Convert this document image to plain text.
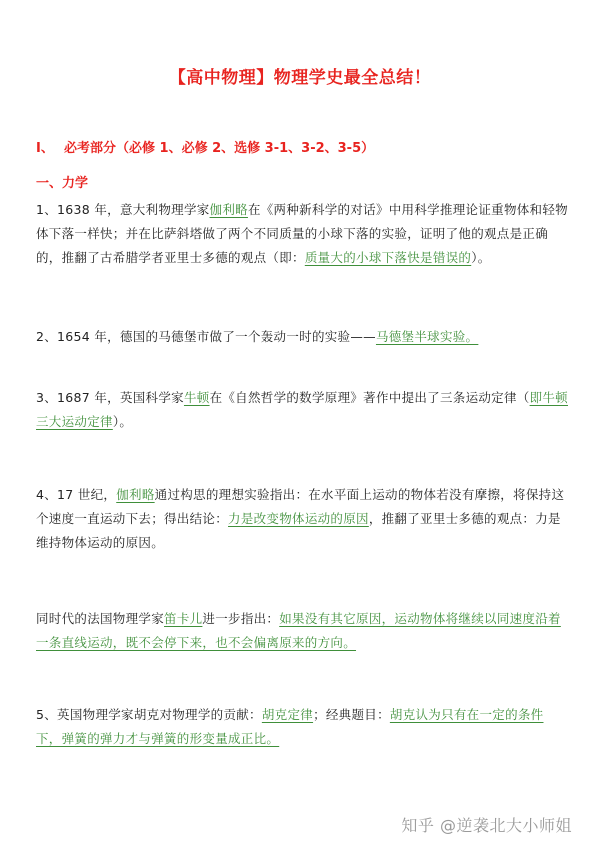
【高中物理】物理学史最全总结！
I、 必考部分（必修 1、必修 2、选修 3-1、3-2、3-5）
一、力学
1、1638 年，意大利物理学家伽利略在《两种新科学的对话》中用科学推理论证重物体和轻物体下落一样快；并在比萨斜塔做了两个不同质量的小球下落的实验，证明了他的观点是正确的，推翻了古希腊学者亚里士多德的观点（即：质量大的小球下落快是错误的）。
2、1654 年，德国的马德堡市做了一个轰动一时的实验——马德堡半球实验。
3、1687 年，英国科学家牛顿在《自然哲学的数学原理》著作中提出了三条运动定律（即牛顿三大运动定律）。
4、17 世纪，伽利略通过构思的理想实验指出：在水平面上运动的物体若没有摩擦，将保持这个速度一直运动下去；得出结论：力是改变物体运动的原因，推翻了亚里士多德的观点：力是维持物体运动的原因。
同时代的法国物理学家笛卡儿进一步指出：如果没有其它原因，运动物体将继续以同速度沿着一条直线运动，既不会停下来，也不会偏离原来的方向。
5、英国物理学家胡克对物理学的贡献：胡克定律；经典题目：胡克认为只有在一定的条件下，弹簧的弹力才与弹簧的形变量成正比。
知乎 @逆袭北大小师姐
